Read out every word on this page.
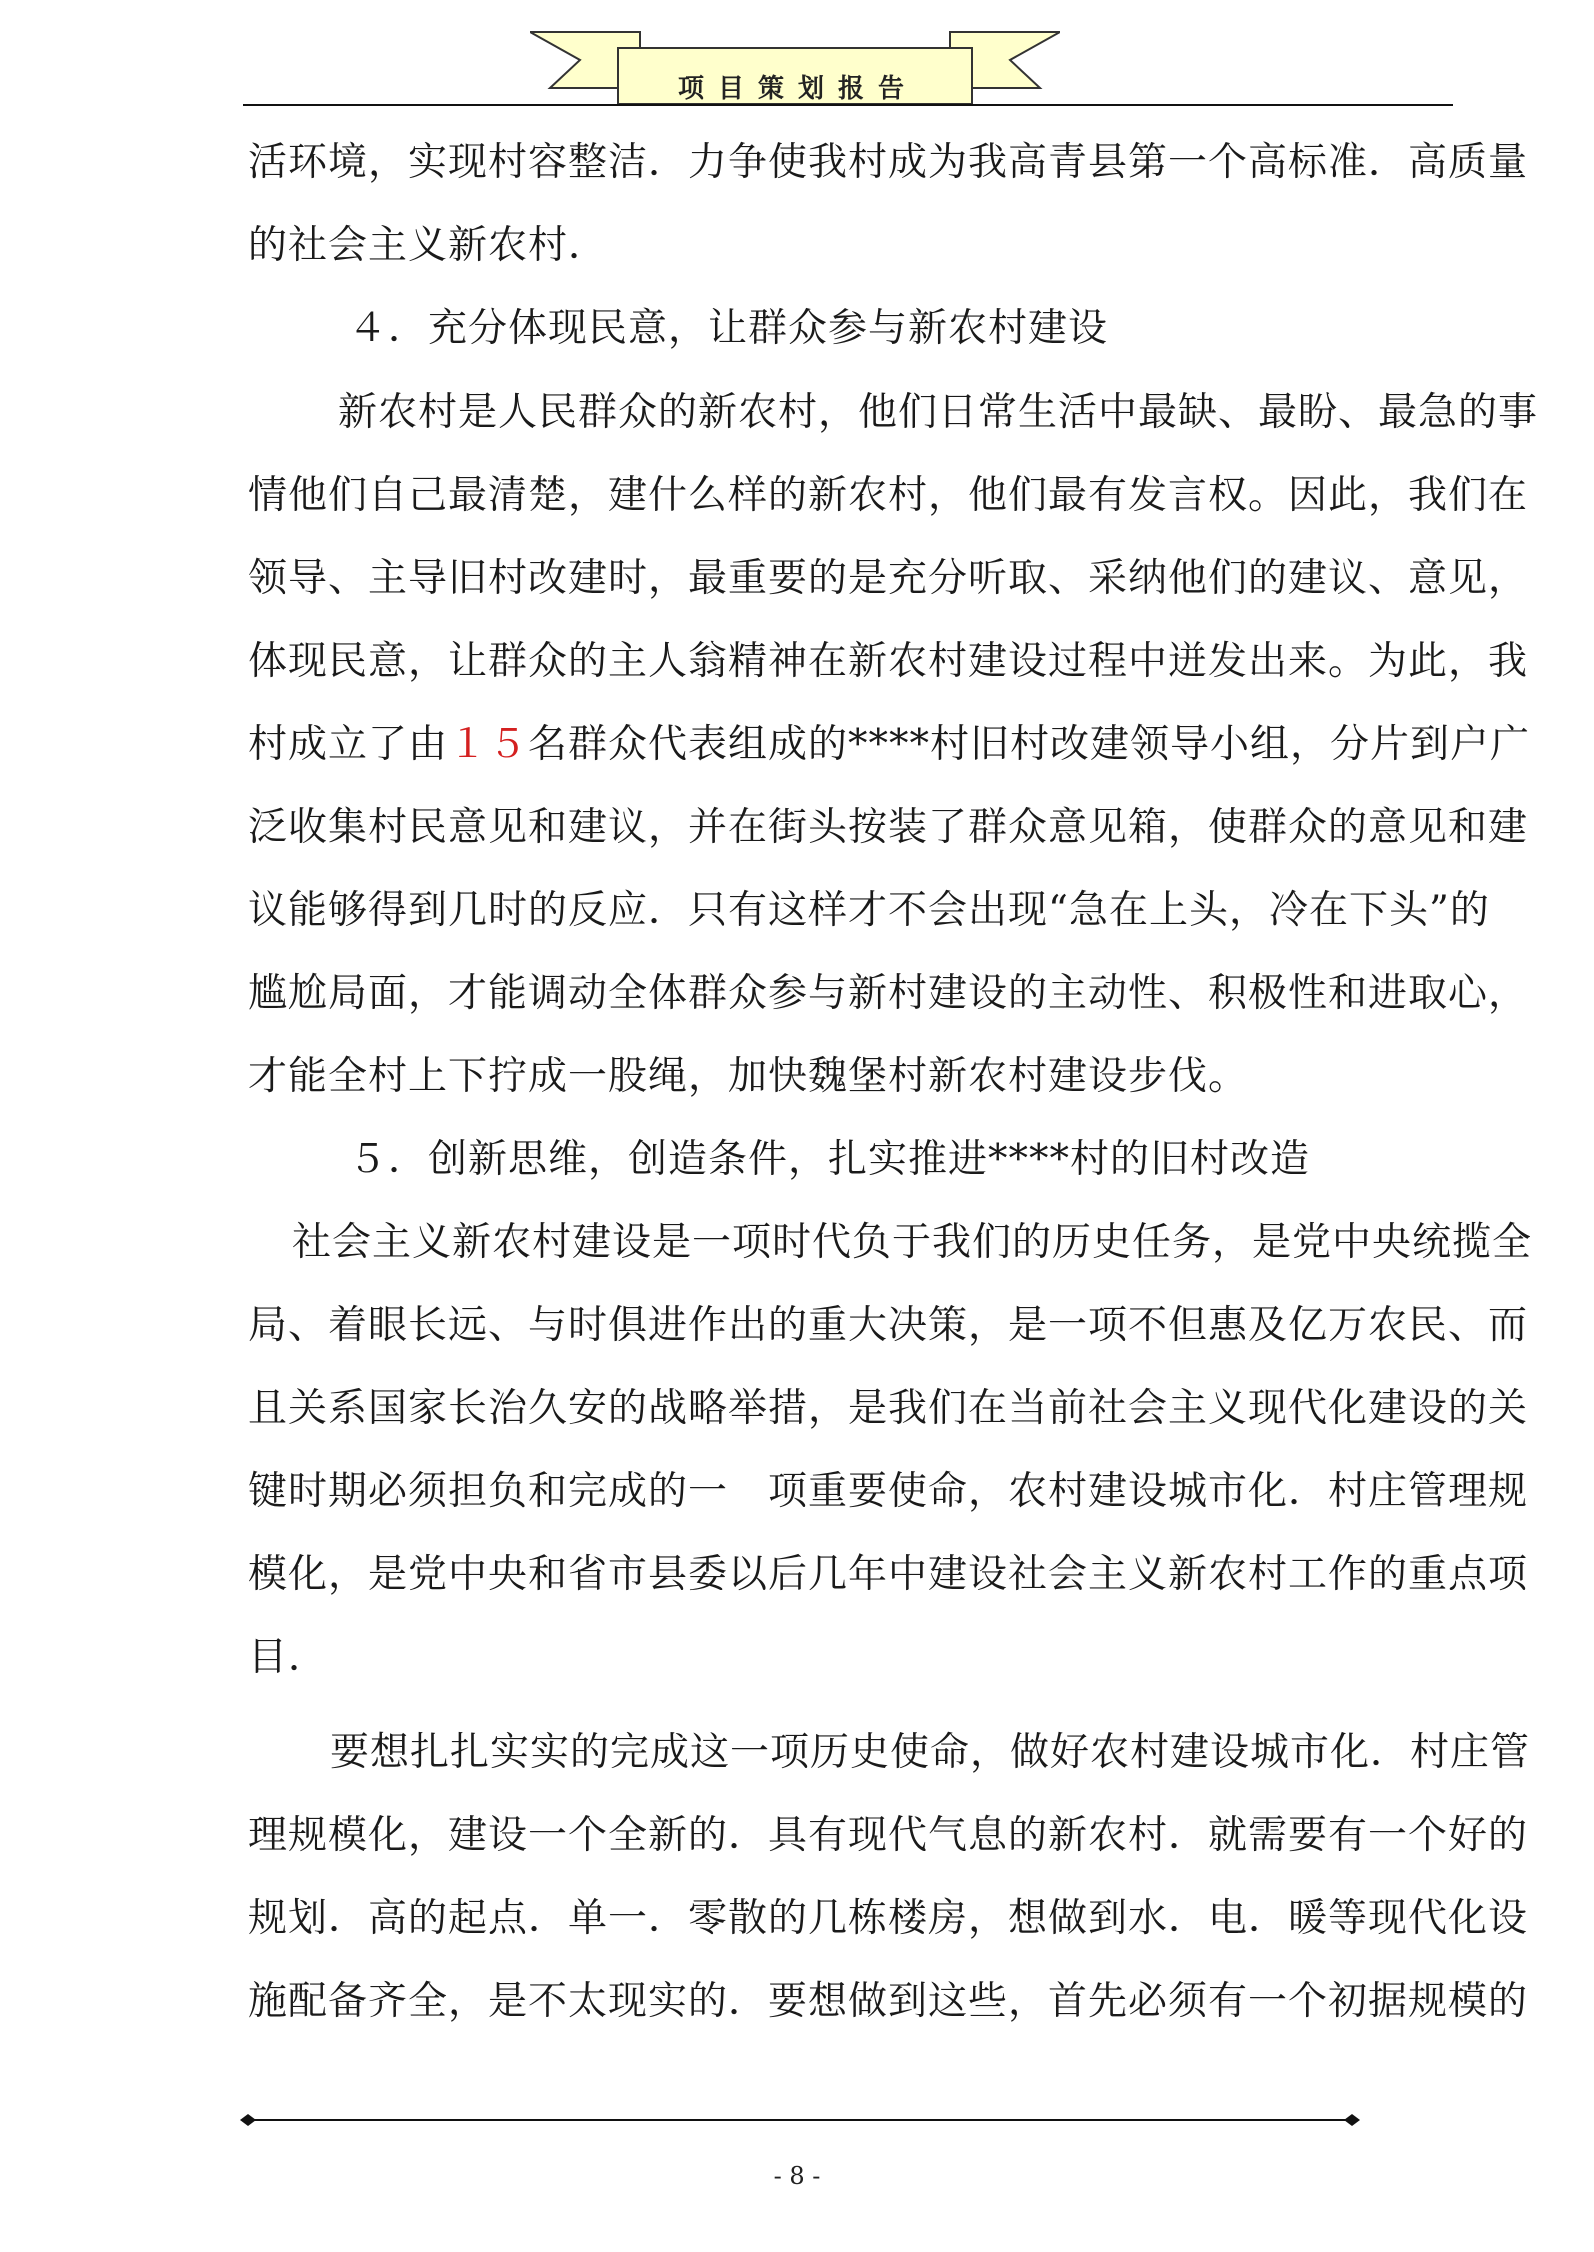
项目策划报告
活环境，实现村容整洁．力争使我村成为我高青县第一个高标准．高质量
的社会主义新农村．
４．充分体现民意，让群众参与新农村建设
新农村是人民群众的新农村，他们日常生活中最缺、最盼、最急的事
情他们自己最清楚，建什么样的新农村，他们最有发言权。因此，我们在
领导、主导旧村改建时，最重要的是充分听取、采纳他们的建议、意见，
体现民意，让群众的主人翁精神在新农村建设过程中迸发出来。为此，我
村成立了由１５名群众代表组成的****村旧村改建领导小组，分片到户广
泛收集村民意见和建议，并在街头按装了群众意见箱，使群众的意见和建
议能够得到几时的反应．只有这样才不会出现“急在上头，冷在下头”的
尴尬局面，才能调动全体群众参与新村建设的主动性、积极性和进取心，
才能全村上下拧成一股绳，加快魏堡村新农村建设步伐。
５．创新思维，创造条件，扎实推进****村的旧村改造
社会主义新农村建设是一项时代负于我们的历史任务，是党中央统揽全
局、着眼长远、与时俱进作出的重大决策，是一项不但惠及亿万农民、而
且关系国家长治久安的战略举措，是我们在当前社会主义现代化建设的关
键时期必须担负和完成的一　项重要使命，农村建设城市化．村庄管理规
模化，是党中央和省市县委以后几年中建设社会主义新农村工作的重点项
目．
要想扎扎实实的完成这一项历史使命，做好农村建设城市化．村庄管
理规模化，建设一个全新的．具有现代气息的新农村．就需要有一个好的
规划．高的起点．单一．零散的几栋楼房，想做到水．电．暖等现代化设
施配备齐全，是不太现实的．要想做到这些，首先必须有一个初据规模的
- 8 -
